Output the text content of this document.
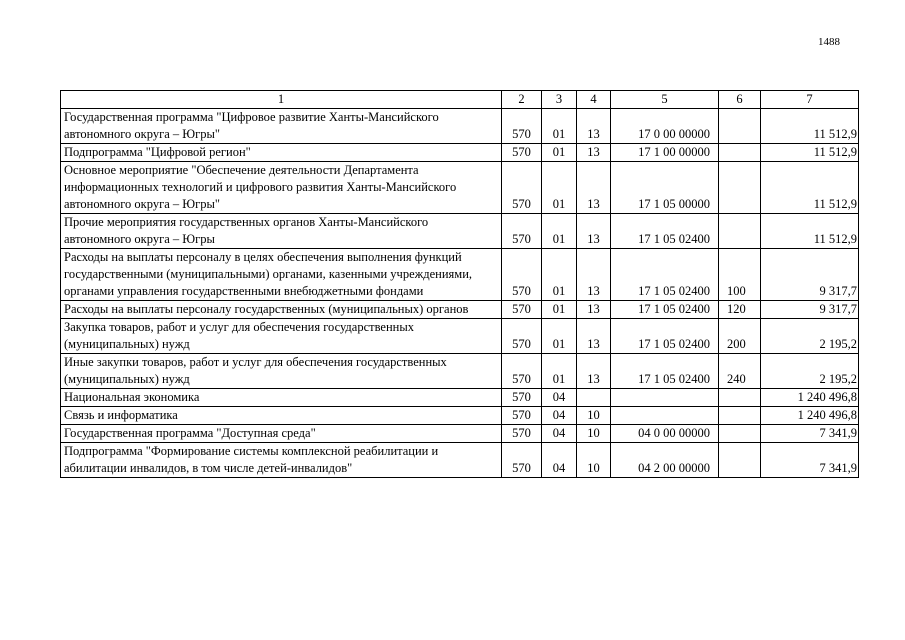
1488
1	2	3	4	5	6	7
Государственная программа "Цифровое развитие Ханты-Мансийского автономного округа – Югры"	570	01	13	17 0 00 00000		11 512,9
Подпрограмма "Цифровой регион"	570	01	13	17 1 00 00000		11 512,9
Основное мероприятие "Обеспечение деятельности Департамента информационных технологий и цифрового развития Ханты-Мансийского автономного округа – Югры"	570	01	13	17 1 05 00000		11 512,9
Прочие мероприятия государственных органов Ханты-Мансийского автономного округа – Югры	570	01	13	17 1 05 02400		11 512,9
Расходы на выплаты персоналу в целях обеспечения выполнения функций государственными (муниципальными) органами, казенными учреждениями, органами управления государственными внебюджетными фондами	570	01	13	17 1 05 02400	100	9 317,7
Расходы на выплаты персоналу государственных (муниципальных) органов	570	01	13	17 1 05 02400	120	9 317,7
Закупка товаров, работ и услуг для обеспечения государственных (муниципальных) нужд	570	01	13	17 1 05 02400	200	2 195,2
Иные закупки товаров, работ и услуг для обеспечения государственных (муниципальных) нужд	570	01	13	17 1 05 02400	240	2 195,2
Национальная экономика	570	04				1 240 496,8
Связь и информатика	570	04	10			1 240 496,8
Государственная программа "Доступная среда"	570	04	10	04 0 00 00000		7 341,9
Подпрограмма "Формирование системы комплексной реабилитации и абилитации инвалидов, в том числе детей-инвалидов"	570	04	10	04 2 00 00000		7 341,9
